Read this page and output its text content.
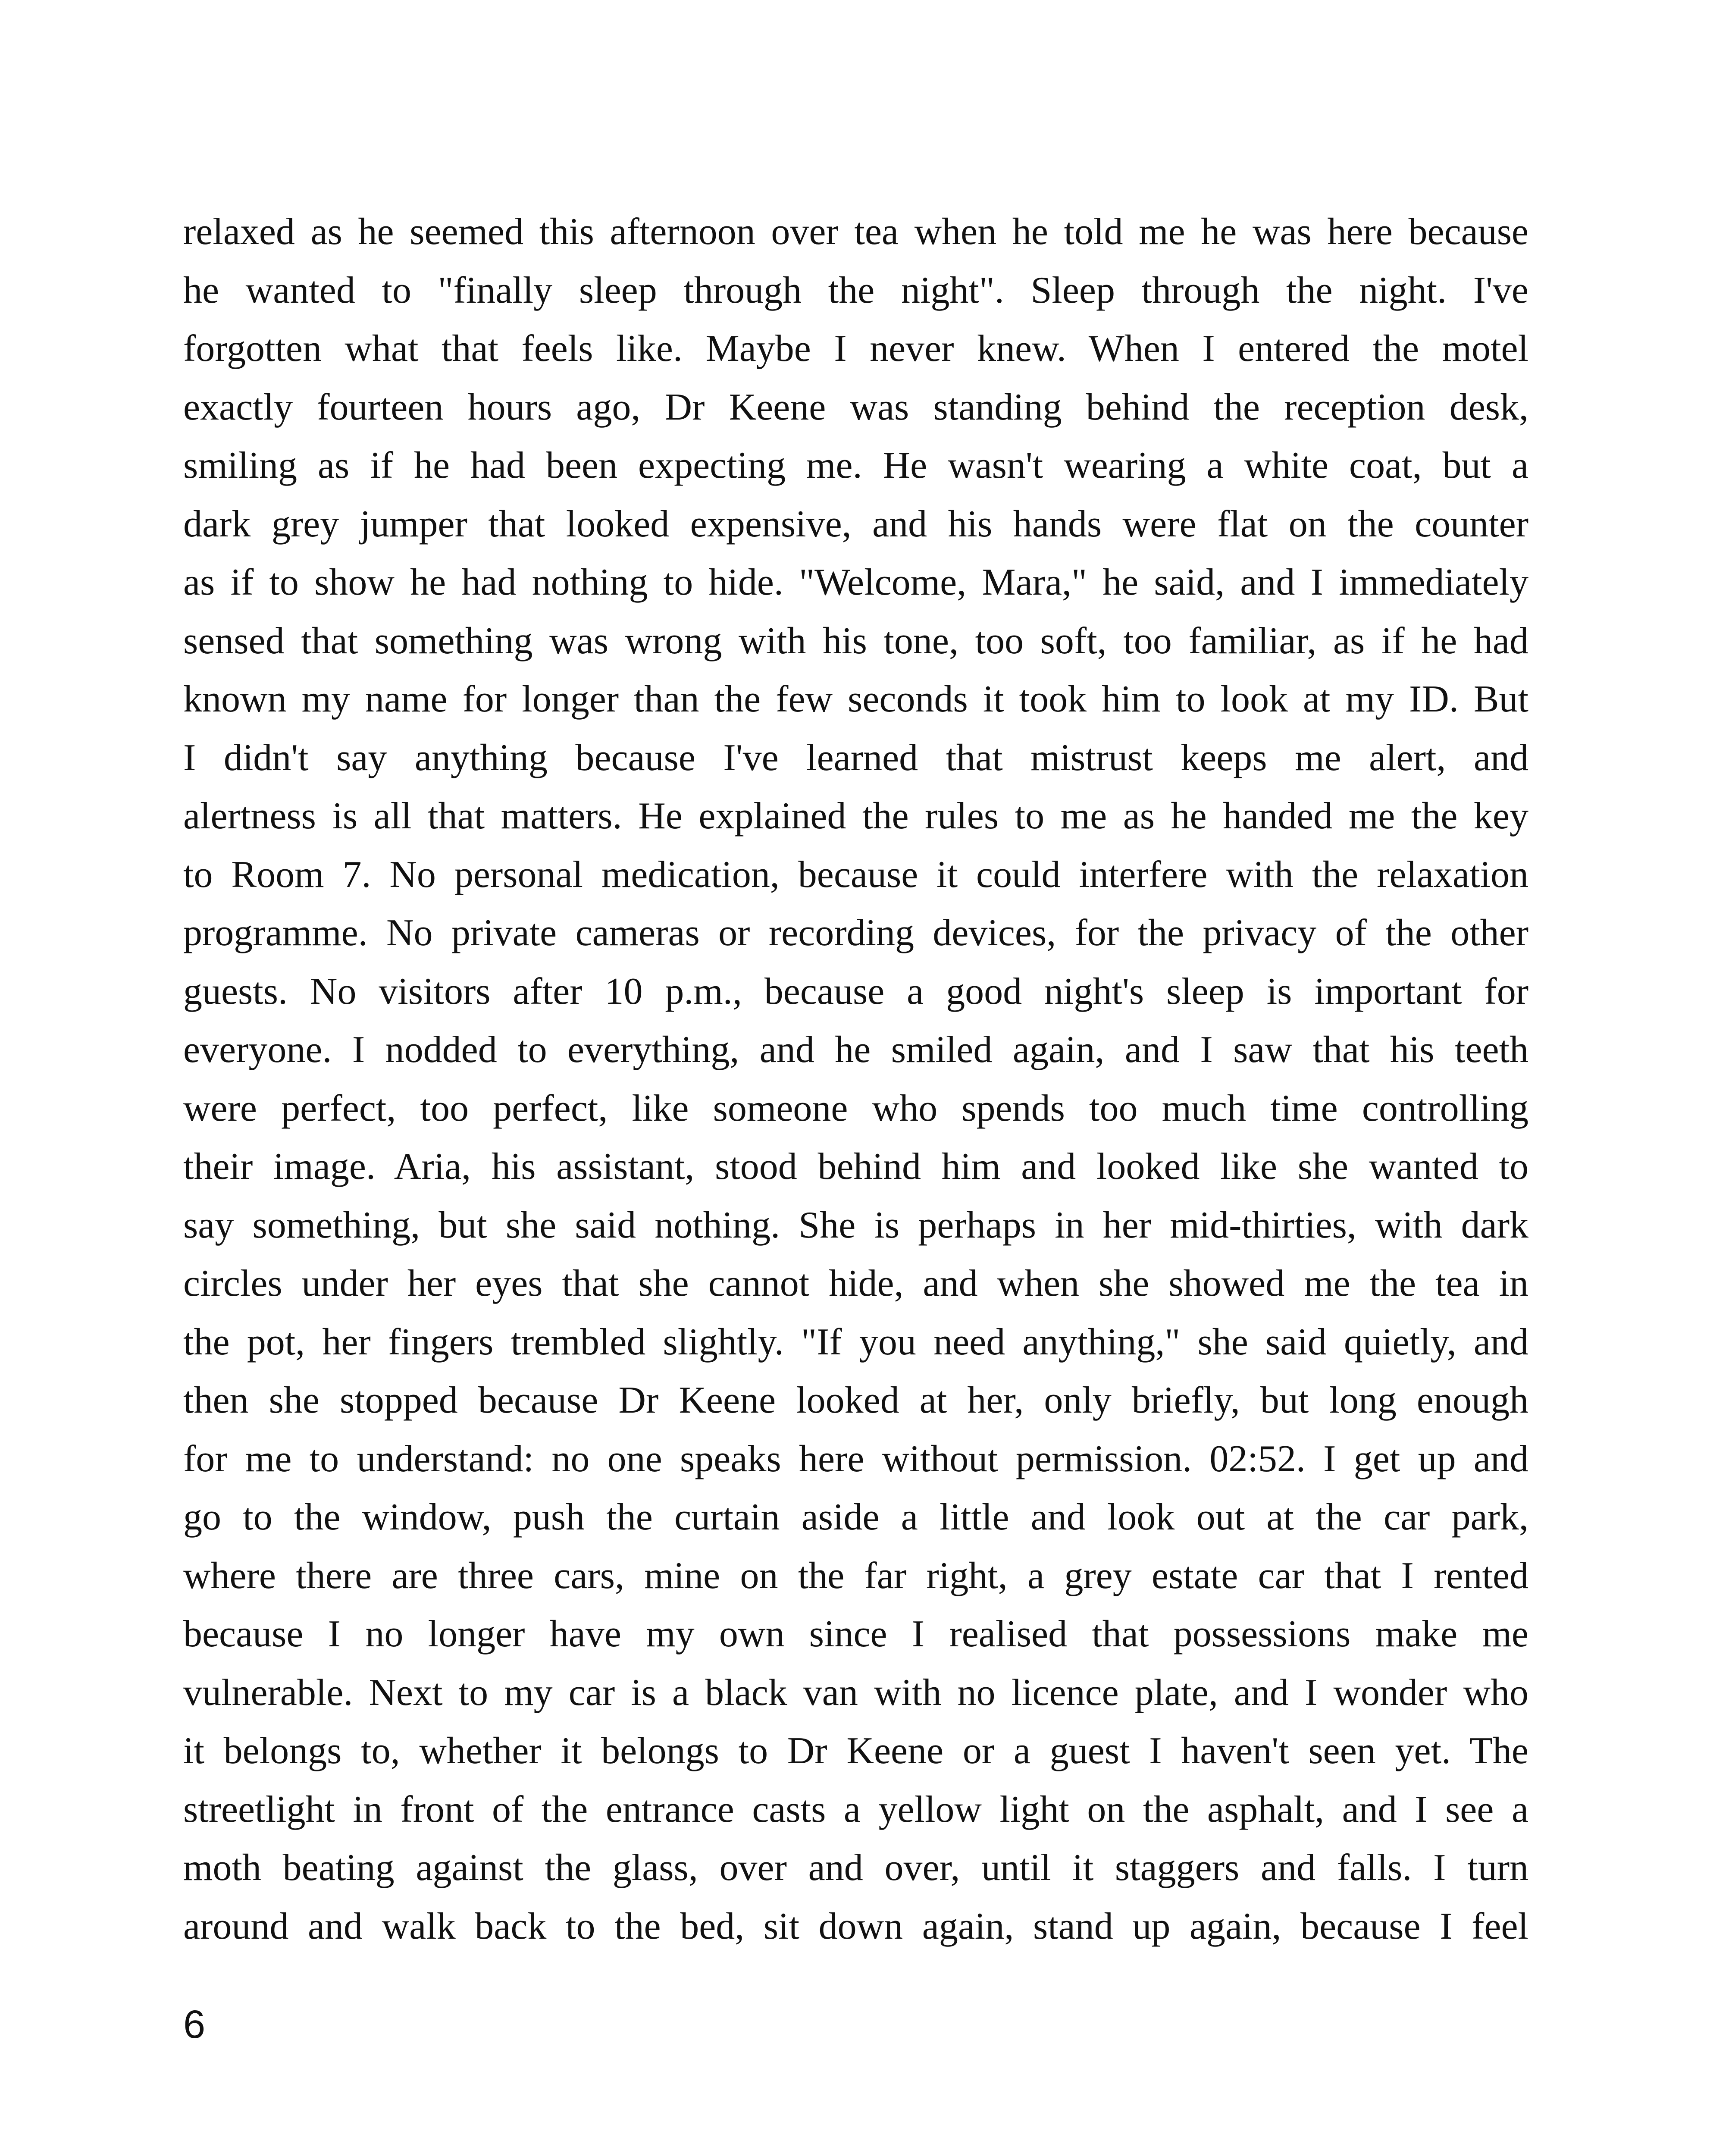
relaxed as he seemed this afternoon over tea when he told me he was here because
he wanted to "finally sleep through the night". Sleep through the night. I've
forgotten what that feels like. Maybe I never knew. When I entered the motel
exactly fourteen hours ago, Dr Keene was standing behind the reception desk,
smiling as if he had been expecting me. He wasn't wearing a white coat, but a
dark grey jumper that looked expensive, and his hands were flat on the counter
as if to show he had nothing to hide. "Welcome, Mara," he said, and I immediately
sensed that something was wrong with his tone, too soft, too familiar, as if he had
known my name for longer than the few seconds it took him to look at my ID. But
I didn't say anything because I've learned that mistrust keeps me alert, and
alertness is all that matters. He explained the rules to me as he handed me the key
to Room 7. No personal medication, because it could interfere with the relaxation
programme. No private cameras or recording devices, for the privacy of the other
guests. No visitors after 10 p.m., because a good night's sleep is important for
everyone. I nodded to everything, and he smiled again, and I saw that his teeth
were perfect, too perfect, like someone who spends too much time controlling
their image. Aria, his assistant, stood behind him and looked like she wanted to
say something, but she said nothing. She is perhaps in her mid-thirties, with dark
circles under her eyes that she cannot hide, and when she showed me the tea in
the pot, her fingers trembled slightly. "If you need anything," she said quietly, and
then she stopped because Dr Keene looked at her, only briefly, but long enough
for me to understand: no one speaks here without permission. 02:52. I get up and
go to the window, push the curtain aside a little and look out at the car park,
where there are three cars, mine on the far right, a grey estate car that I rented
because I no longer have my own since I realised that possessions make me
vulnerable. Next to my car is a black van with no licence plate, and I wonder who
it belongs to, whether it belongs to Dr Keene or a guest I haven't seen yet. The
streetlight in front of the entrance casts a yellow light on the asphalt, and I see a
moth beating against the glass, over and over, until it staggers and falls. I turn
around and walk back to the bed, sit down again, stand up again, because I feel
6
